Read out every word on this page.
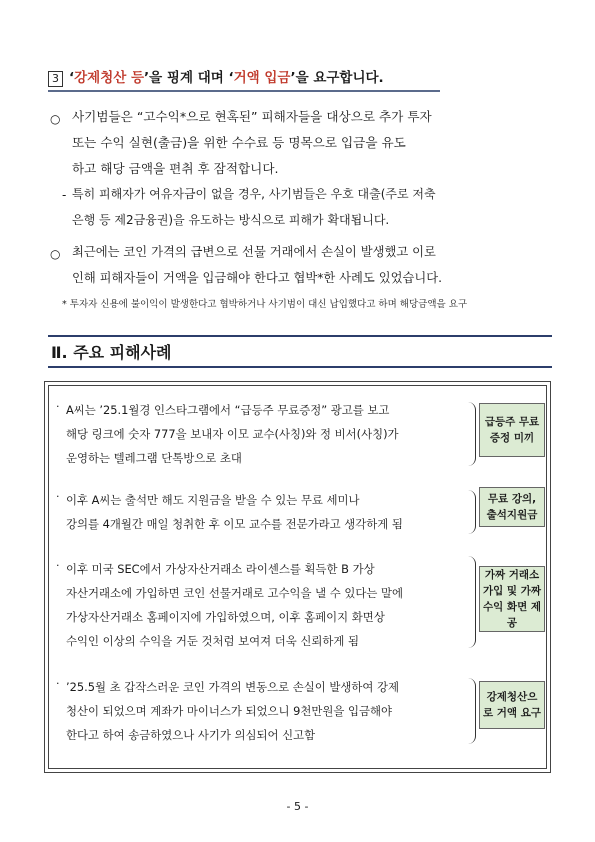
3 ‘강제청산 등’을 핑계 대며 ‘거액 입금’을 요구합니다.
○ 사기범들은 “고수익*으로 현혹된” 피해자들을 대상으로 추가 투자
또는 수익 실현(출금)을 위한 수수료 등 명목으로 입금을 유도
하고 해당 금액을 편취 후 잠적합니다.
- 특히 피해자가 여유자금이 없을 경우, 사기범들은 우호 대출(주로 저축
은행 등 제2금융권)을 유도하는 방식으로 피해가 확대됩니다.
○ 최근에는 코인 가격의 급변으로 선물 거래에서 손실이 발생했고 이로
인해 피해자들이 거액을 입금해야 한다고 협박*한 사례도 있었습니다.
* 투자자 신용에 불이익이 발생한다고 협박하거나 사기범이 대신 납입했다고 하며 해당금액을 요구
Ⅱ. 주요 피해사례
· A씨는 ’25.1월경 인스타그램에서 “급등주 무료증정” 광고를 보고
해당 링크에 숫자 777을 보내자 이모 교수(사칭)와 정 비서(사칭)가
운영하는 텔레그램 단톡방으로 초대
급등주 무료증정 미끼
· 이후 A씨는 출석만 해도 지원금을 받을 수 있는 무료 세미나
강의를 4개월간 매일 청취한 후 이모 교수를 전문가라고 생각하게 됨
무료 강의, 출석지원금
· 이후 미국 SEC에서 가상자산거래소 라이센스를 획득한 B 가상
자산거래소에 가입하면 코인 선물거래로 고수익을 낼 수 있다는 말에
가상자산거래소 홈페이지에 가입하였으며, 이후 홈페이지 화면상
수익인 이상의 수익을 거둔 것처럼 보여져 더욱 신뢰하게 됨
가짜 거래소 가입 및 가짜 수익 화면 제공
· ’25.5월 초 갑작스러운 코인 가격의 변동으로 손실이 발생하여 강제
청산이 되었으며 계좌가 마이너스가 되었으니 9천만원을 입금해야
한다고 하여 송금하였으나 사기가 의심되어 신고함
강제청산으로 거액 요구
- 5 -
